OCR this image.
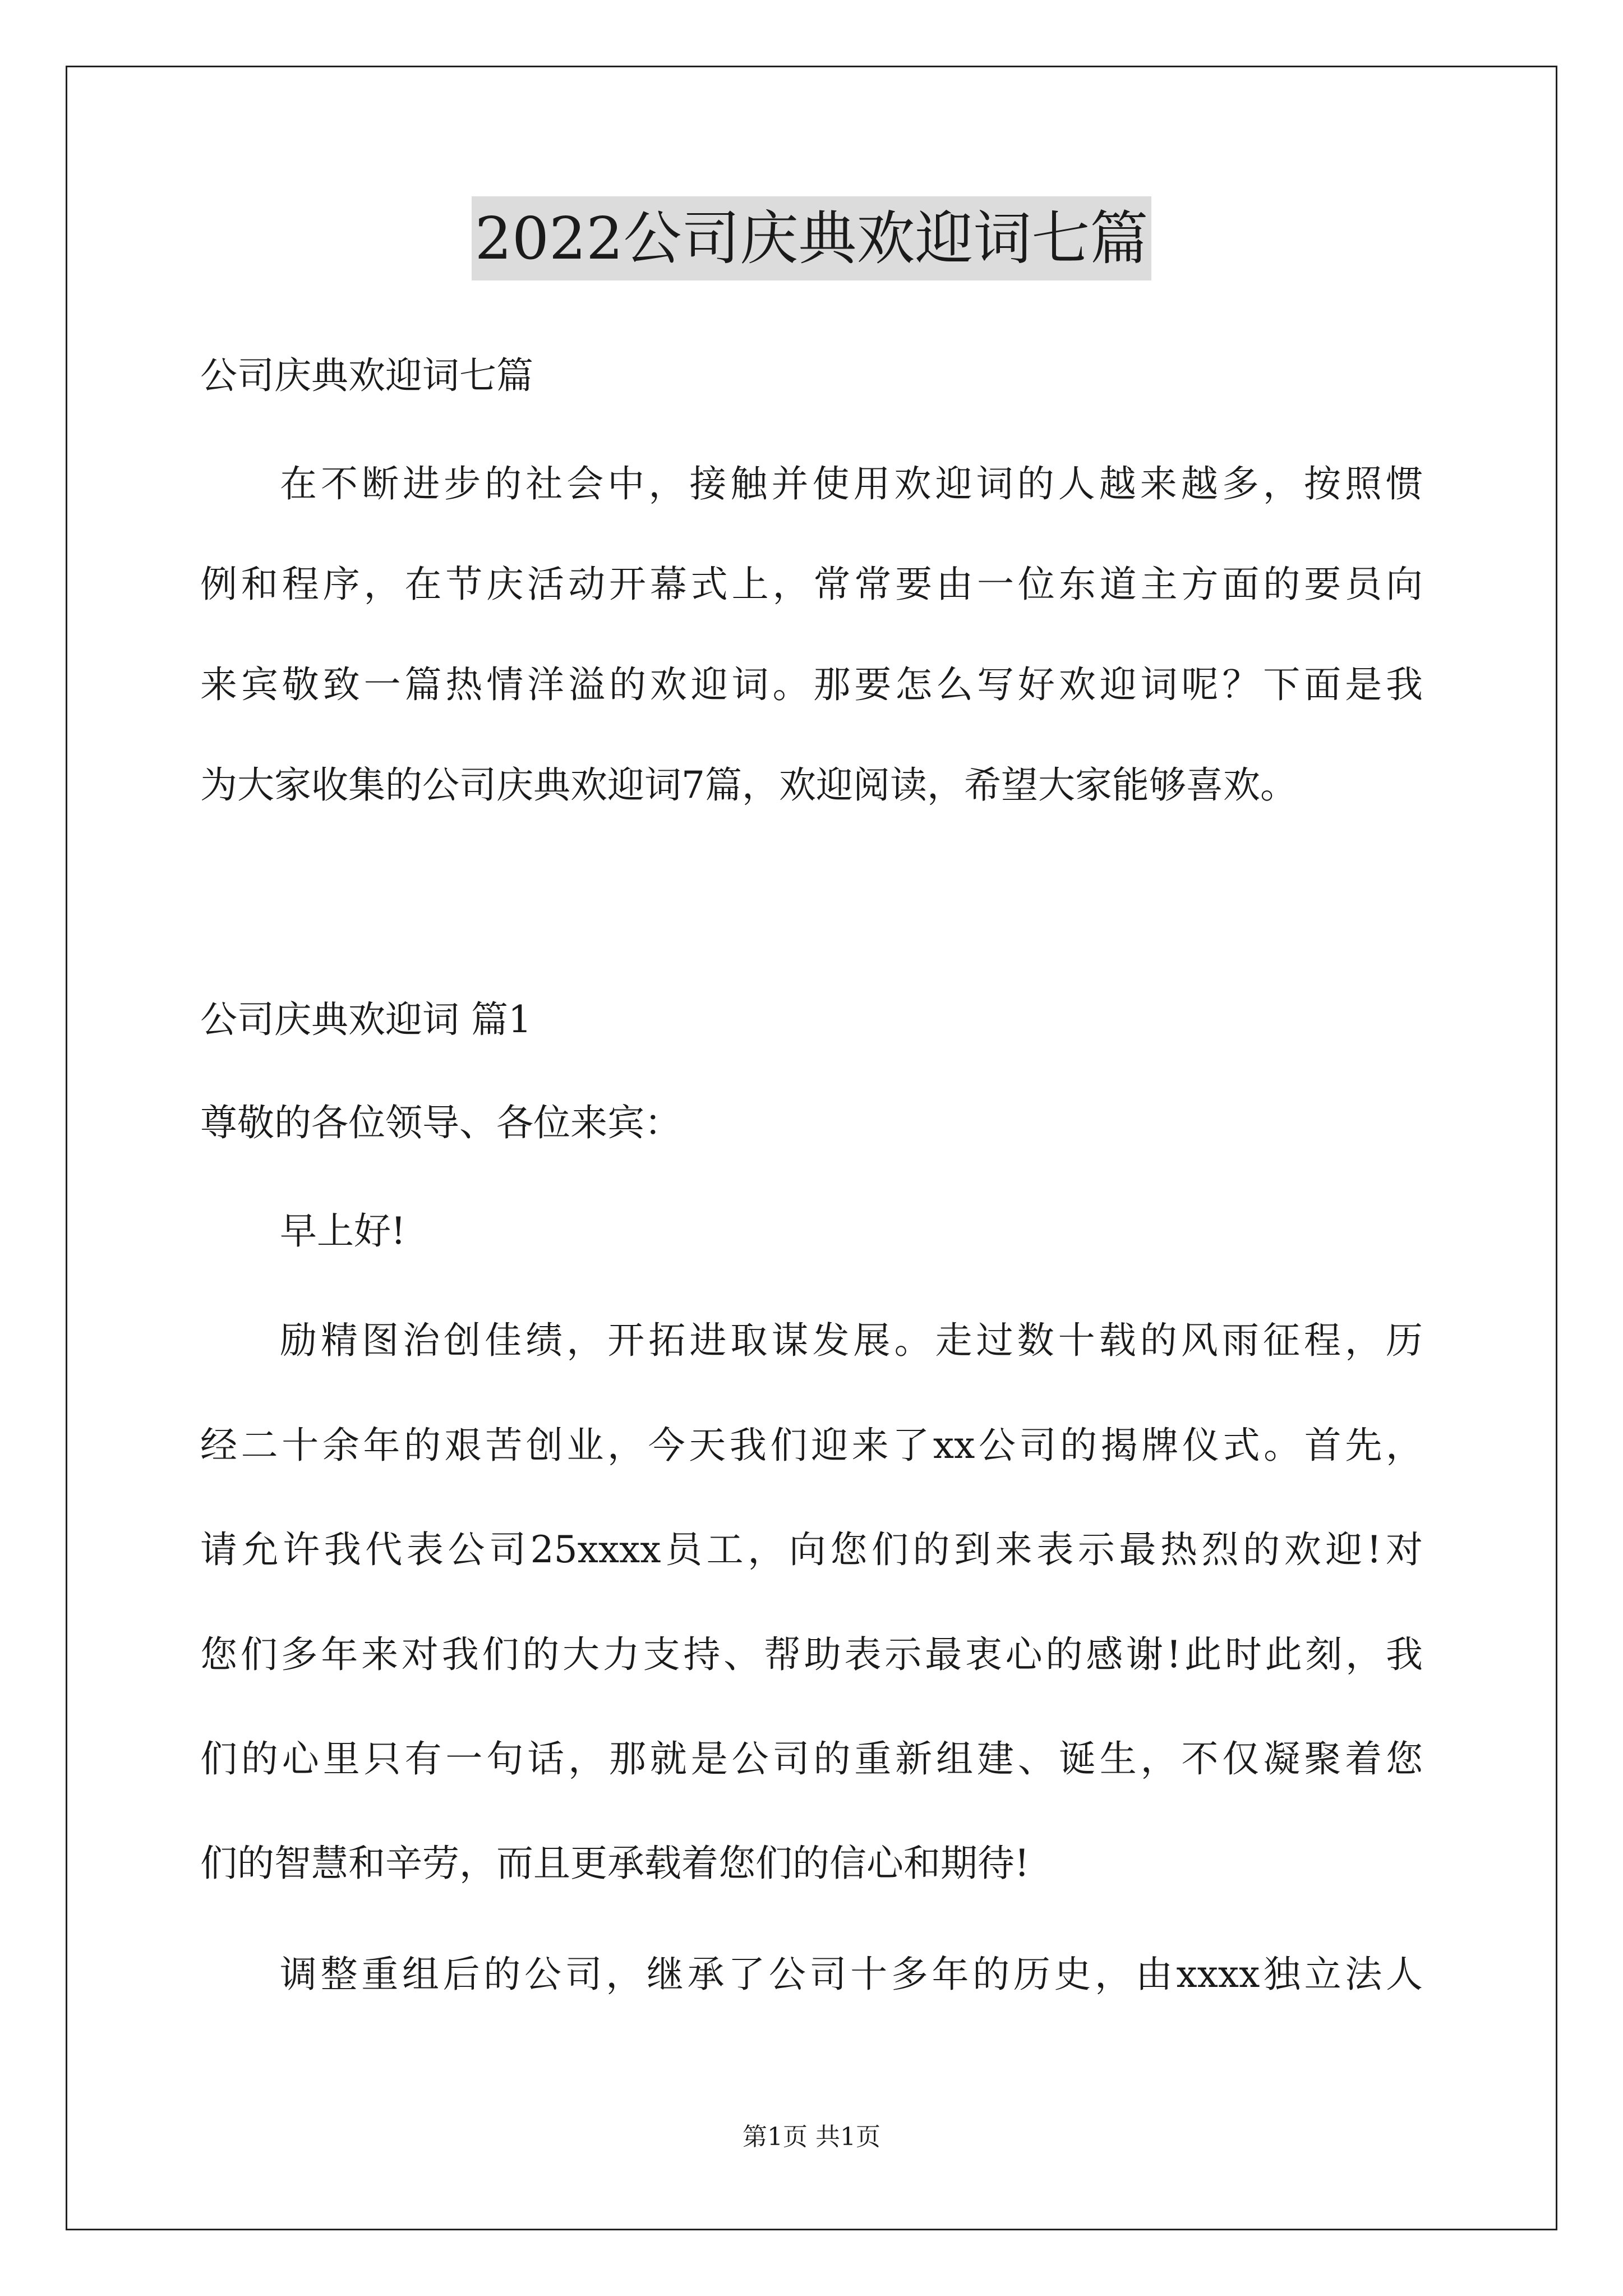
2022公司庆典欢迎词七篇
公司庆典欢迎词七篇
在不断进步的社会中，接触并使用欢迎词的人越来越多，按照惯
例和程序，在节庆活动开幕式上，常常要由一位东道主方面的要员向
来宾敬致一篇热情洋溢的欢迎词。那要怎么写好欢迎词呢？下面是我
为大家收集的公司庆典欢迎词7篇，欢迎阅读，希望大家能够喜欢。
公司庆典欢迎词 篇1
尊敬的各位领导、各位来宾：
早上好!
励精图治创佳绩，开拓进取谋发展。走过数十载的风雨征程，历
经二十余年的艰苦创业，今天我们迎来了xx公司的揭牌仪式。首先，
请允许我代表公司25xxxx员工，向您们的到来表示最热烈的欢迎!对
您们多年来对我们的大力支持、帮助表示最衷心的感谢!此时此刻，我
们的心里只有一句话，那就是公司的重新组建、诞生，不仅凝聚着您
们的智慧和辛劳，而且更承载着您们的信心和期待!
调整重组后的公司，继承了公司十多年的历史，由xxxx独立法人
第1页 共1页
